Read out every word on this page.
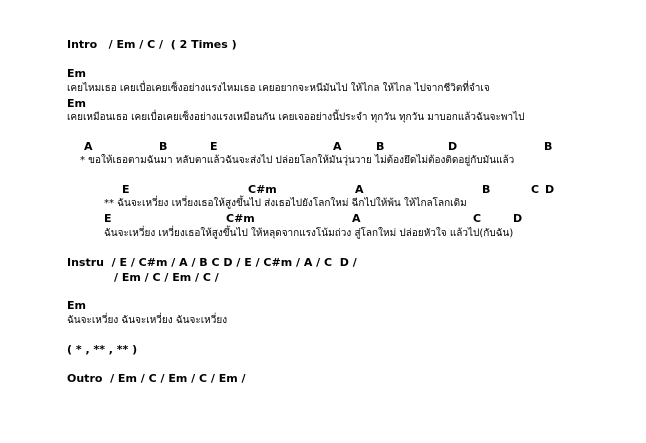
Intro   / Em / C /  ( 2 Times )
Em
เคยไหมเธอ เคยเบื่อเคยเซ็งอย่างแรงไหมเธอ เคยอยากจะหนีมันไป ให้ไกล ให้ไกล ไปจากชีวิตที่จำเจ
Em
เคยเหมือนเธอ เคยเบื่อเคยเซ็งอย่างแรงเหมือนกัน เคยเจออย่างนี้ประจำ ทุกวัน ทุกวัน มาบอกแล้วฉันจะพาไป
A	B	E	A	B	D	B
* ขอให้เธอตามฉันมา หลับตาแล้วฉันจะส่งไป ปล่อยโลกให้มันวุ่นวาย ไม่ต้องยึดไม่ต้องติดอยู่กับมันแล้ว
E	C#m	A	B	C D
** ฉันจะเหวี่ยง เหวี่ยงเธอให้สูงขึ้นไป ส่งเธอไปยังโลกใหม่ ฉีกไปให้พ้น ให้ไกลโลกเดิม
E	C#m	A	C	D
ฉันจะเหวี่ยง เหวี่ยงเธอให้สูงขึ้นไป ให้หลุดจากแรงโน้มถ่วง สู่โลกใหม่ ปล่อยหัวใจ แล้วไป(กับฉัน)
Instru  / E / C#m / A / B C D / E / C#m / A / C  D /
/ Em / C / Em / C /
Em
ฉันจะเหวี่ยง ฉันจะเหวี่ยง ฉันจะเหวี่ยง
( * , ** , ** )
Outro  / Em / C / Em / C / Em /
